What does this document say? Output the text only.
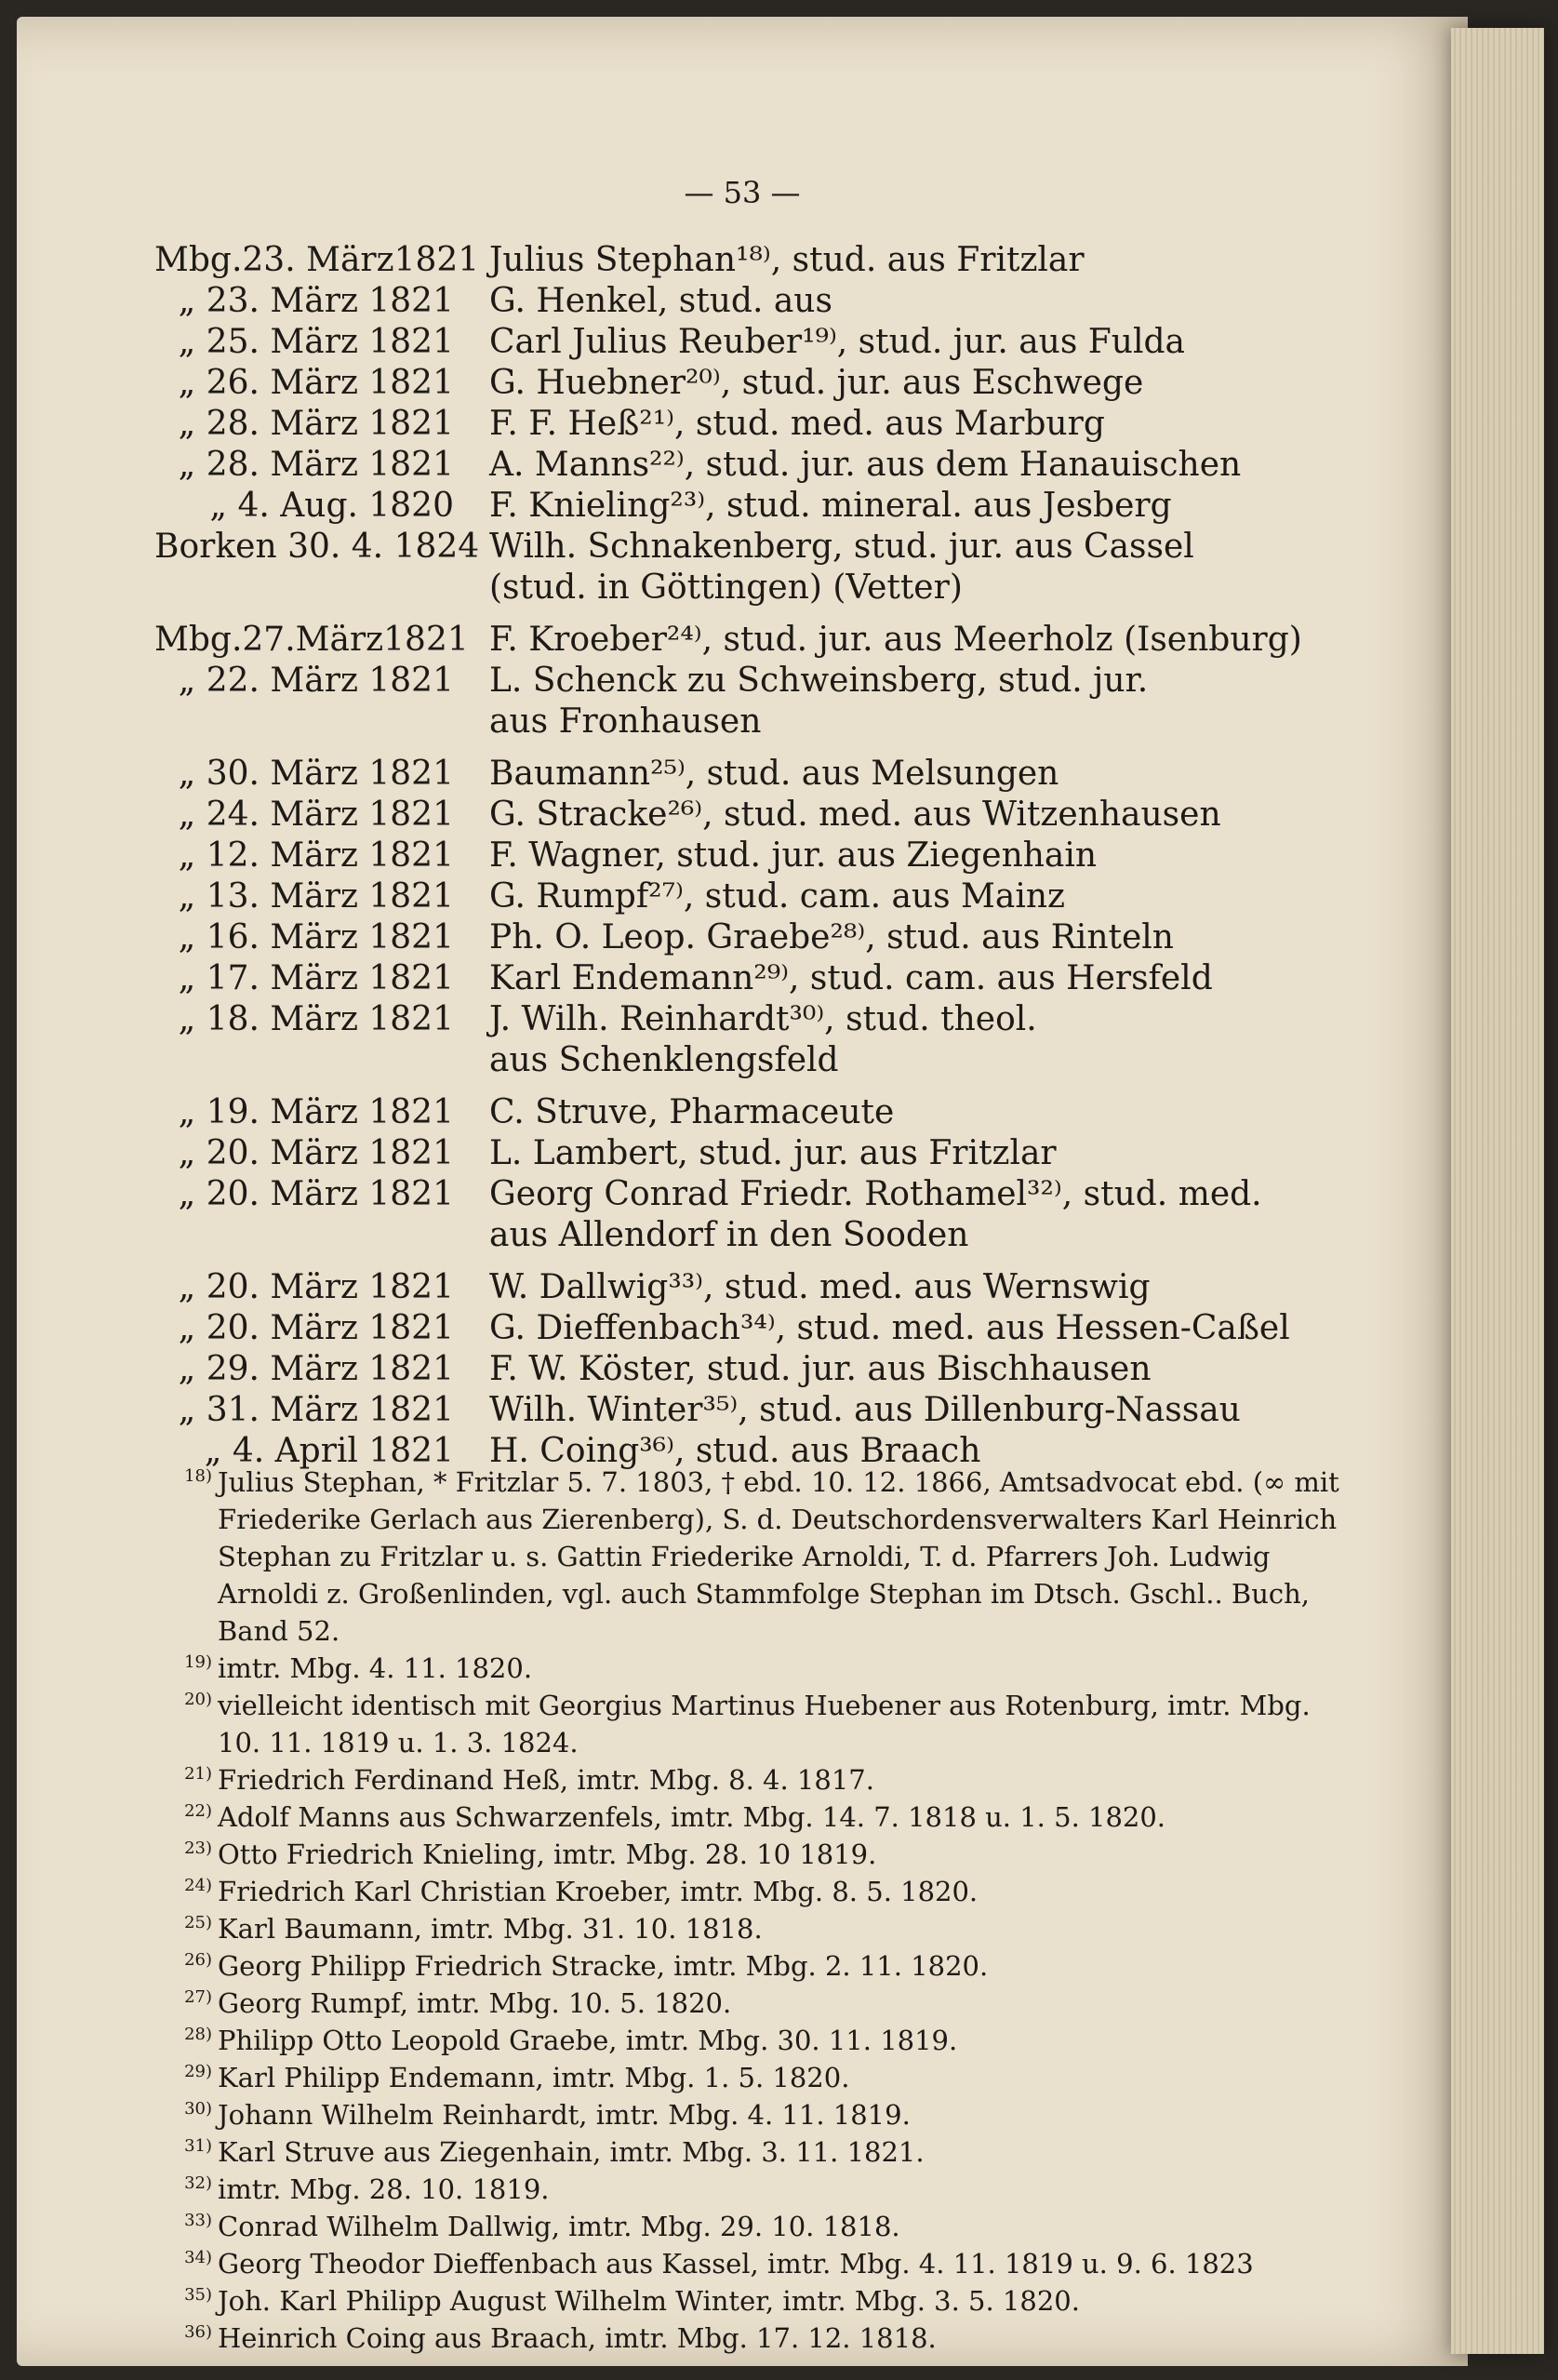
— 53 —
Mbg.23. März1821 Julius Stephan¹⁸⁾, stud. aus Fritzlar
„ 23. März 1821	G. Henkel, stud. aus
„ 25. März 1821	Carl Julius Reuber¹⁹⁾, stud. jur. aus Fulda
„ 26. März 1821	G. Huebner²⁰⁾, stud. jur. aus Eschwege
„ 28. März 1821	F. F. Heß²¹⁾, stud. med. aus Marburg
„ 28. März 1821	A. Manns²²⁾, stud. jur. aus dem Hanauischen
„ 4. Aug. 1820	F. Knieling²³⁾, stud. mineral. aus Jesberg
Borken 30. 4. 1824 Wilh. Schnakenberg, stud. jur. aus Cassel
(stud. in Göttingen) (Vetter)
Mbg.27.März1821 F. Kroeber²⁴⁾, stud. jur. aus Meerholz (Isenburg)
„ 22. März 1821	L. Schenck zu Schweinsberg, stud. jur.
aus Fronhausen
„ 30. März 1821	Baumann²⁵⁾, stud. aus Melsungen
„ 24. März 1821	G. Stracke²⁶⁾, stud. med. aus Witzenhausen
„ 12. März 1821	F. Wagner, stud. jur. aus Ziegenhain
„ 13. März 1821	G. Rumpf²⁷⁾, stud. cam. aus Mainz
„ 16. März 1821	Ph. O. Leop. Graebe²⁸⁾, stud. aus Rinteln
„ 17. März 1821	Karl Endemann²⁹⁾, stud. cam. aus Hersfeld
„ 18. März 1821	J. Wilh. Reinhardt³⁰⁾, stud. theol.
aus Schenklengsfeld
„ 19. März 1821	C. Struve, Pharmaceute
„ 20. März 1821	L. Lambert, stud. jur. aus Fritzlar
„ 20. März 1821	Georg Conrad Friedr. Rothamel³²⁾, stud. med.
aus Allendorf in den Sooden
„ 20. März 1821	W. Dallwig³³⁾, stud. med. aus Wernswig
„ 20. März 1821	G. Dieffenbach³⁴⁾, stud. med. aus Hessen-Caßel
„ 29. März 1821	F. W. Köster, stud. jur. aus Bischhausen
„ 31. März 1821	Wilh. Winter³⁵⁾, stud. aus Dillenburg-Nassau
„ 4. April 1821	H. Coing³⁶⁾, stud. aus Braach
18) Julius Stephan, * Fritzlar 5. 7. 1803, † ebd. 10. 12. 1866, Amtsadvocat ebd. (∞ mit Friederike Gerlach aus Zierenberg), S. d. Deutschordensverwalters Karl Heinrich Stephan zu Fritzlar u. s. Gattin Friederike Arnoldi, T. d. Pfarrers Joh. Ludwig Arnoldi z. Großenlinden, vgl. auch Stammfolge Stephan im Dtsch. Gschl.. Buch, Band 52.
19) imtr. Mbg. 4. 11. 1820.
20) vielleicht identisch mit Georgius Martinus Huebener aus Rotenburg, imtr. Mbg. 10. 11. 1819 u. 1. 3. 1824.
21) Friedrich Ferdinand Heß, imtr. Mbg. 8. 4. 1817.
22) Adolf Manns aus Schwarzenfels, imtr. Mbg. 14. 7. 1818 u. 1. 5. 1820.
23) Otto Friedrich Knieling, imtr. Mbg. 28. 10 1819.
24) Friedrich Karl Christian Kroeber, imtr. Mbg. 8. 5. 1820.
25) Karl Baumann, imtr. Mbg. 31. 10. 1818.
26) Georg Philipp Friedrich Stracke, imtr. Mbg. 2. 11. 1820.
27) Georg Rumpf, imtr. Mbg. 10. 5. 1820.
28) Philipp Otto Leopold Graebe, imtr. Mbg. 30. 11. 1819.
29) Karl Philipp Endemann, imtr. Mbg. 1. 5. 1820.
30) Johann Wilhelm Reinhardt, imtr. Mbg. 4. 11. 1819.
31) Karl Struve aus Ziegenhain, imtr. Mbg. 3. 11. 1821.
32) imtr. Mbg. 28. 10. 1819.
33) Conrad Wilhelm Dallwig, imtr. Mbg. 29. 10. 1818.
34) Georg Theodor Dieffenbach aus Kassel, imtr. Mbg. 4. 11. 1819 u. 9. 6. 1823
35) Joh. Karl Philipp August Wilhelm Winter, imtr. Mbg. 3. 5. 1820.
36) Heinrich Coing aus Braach, imtr. Mbg. 17. 12. 1818.
